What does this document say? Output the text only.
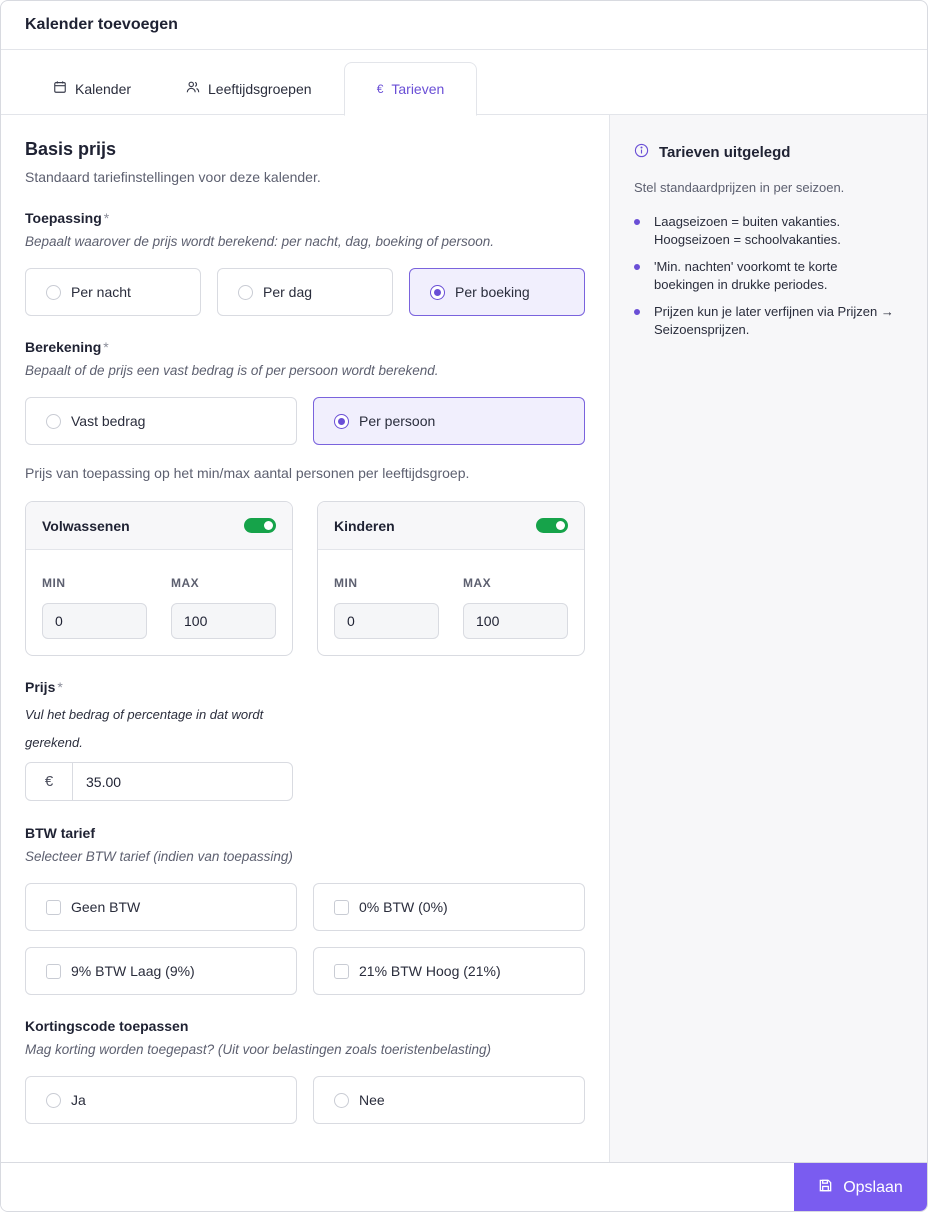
Kalender toevoegen
Kalender	Leeftijdsgroepen	€ Tarieven
Basis prijs
Standaard tariefinstellingen voor deze kalender.
Toepassing *
Bepaalt waarover de prijs wordt berekend: per nacht, dag, boeking of persoon.
Per nacht	Per dag	Per boeking
Berekening *
Bepaalt of de prijs een vast bedrag is of per persoon wordt berekend.
Vast bedrag	Per persoon
Prijs van toepassing op het min/max aantal personen per leeftijdsgroep.
Volwassenen
MIN	MAX
0	100
Kinderen
MIN	MAX
0	100
Prijs *
Vul het bedrag of percentage in dat wordt
gerekend.
€	35.00
BTW tarief
Selecteer BTW tarief (indien van toepassing)
Geen BTW	0% BTW (0%)
9% BTW Laag (9%)	21% BTW Hoog (21%)
Kortingscode toepassen
Mag korting worden toegepast? (Uit voor belastingen zoals toeristenbelasting)
Ja	Nee
Tarieven uitgelegd
Stel standaardprijzen in per seizoen.
Laagseizoen = buiten vakanties.
Hoogseizoen = schoolvakanties.
'Min. nachten' voorkomt te korte
boekingen in drukke periodes.
Prijzen kun je later verfijnen via Prijzen →
Seizoensprijzen.
Opslaan
